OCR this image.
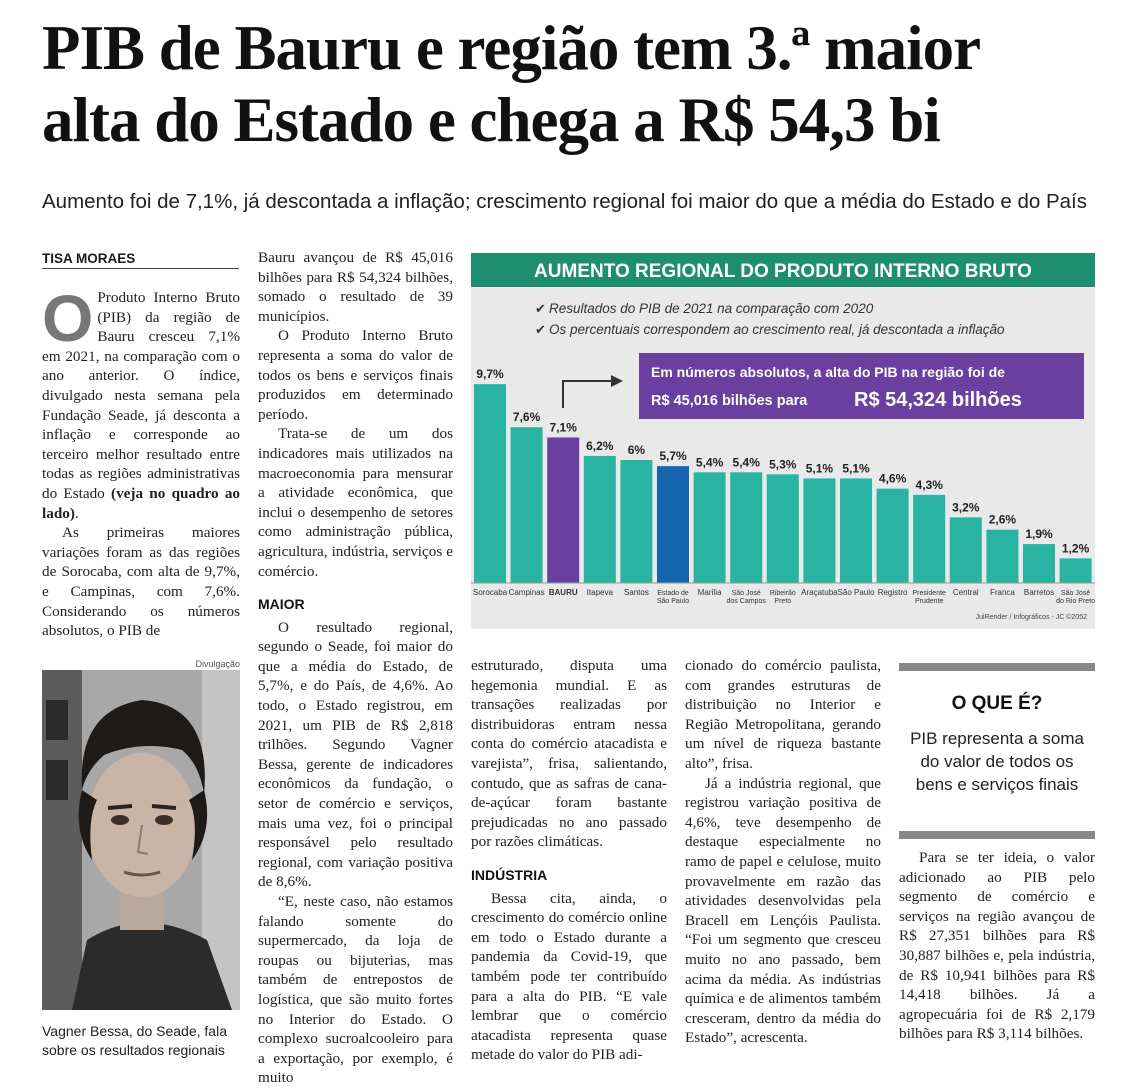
PIB de Bauru e região tem 3.ª maior
alta do Estado e chega a R$ 54,3 bi
Aumento foi de 7,1%, já descontada a inflação; crescimento regional foi maior do que a média do Estado e do País
TISA MORAES

O Produto Interno Bruto (PIB) da região de Bauru cresceu 7,1% em 2021, na comparação com o ano anterior. O índice, divulgado nesta semana pela Fundação Seade, já desconta a inflação e corresponde ao terceiro melhor resultado entre todas as regiões administrativas do Estado (veja no quadro ao lado).

As primeiras maiores variações foram as das regiões de Sorocaba, com alta de 9,7%, e Campinas, com 7,6%. Considerando os números absolutos, o PIB de

Divulgação
Vagner Bessa, do Seade, fala sobre os resultados regionais

Bauru avançou de R$ 45,016 bilhões para R$ 54,324 bilhões, somado o resultado de 39 municípios.

O Produto Interno Bruto representa a soma do valor de todos os bens e serviços finais produzidos em determinado período.

Trata-se de um dos indicadores mais utilizados na macroeconomia para mensurar a atividade econômica, que inclui o desempenho de setores como administração pública, agricultura, indústria, serviços e comércio.

MAIOR

O resultado regional, segundo o Seade, foi maior do que a média do Estado, de 5,7%, e do País, de 4,6%. Ao todo, o Estado registrou, em 2021, um PIB de R$ 2,818 trilhões. Segundo Vagner Bessa, gerente de indicadores econômicos da fundação, o setor de comércio e serviços, mais uma vez, foi o principal responsável pelo resultado regional, com variação positiva de 8,6%.

“E, neste caso, não estamos falando somente do supermercado, da loja de roupas ou bijuterias, mas também de entrepostos de logística, que são muito fortes no Interior do Estado. O complexo sucroalcooleiro para a exportação, por exemplo, é muito

estruturado, disputa uma hegemonia mundial. E as transações realizadas por distribuidoras entram nessa conta do comércio atacadista e varejista”, frisa, salientando, contudo, que as safras de cana-de-açúcar foram bastante prejudicadas no ano passado por razões climáticas.

INDÚSTRIA

Bessa cita, ainda, o crescimento do comércio online em todo o Estado durante a pandemia da Covid-19, que também pode ter contribuído para a alta do PIB. “E vale lembrar que o comércio atacadista representa quase metade do valor do PIB adi-

cionado do comércio paulista, com grandes estruturas de distribuição no Interior e Região Metropolitana, gerando um nível de riqueza bastante alto”, frisa.

Já a indústria regional, que registrou variação positiva de 4,6%, teve desempenho de destaque especialmente no ramo de papel e celulose, muito provavelmente em razão das atividades desenvolvidas pela Bracell em Lençóis Paulista. “Foi um segmento que cresceu muito no ano passado, bem acima da média. As indústrias química e de alimentos também cresceram, dentro da média do Estado”, acrescenta.

O QUE É?
PIB representa a soma do valor de todos os bens e serviços finais

Para se ter ideia, o valor adicionado ao PIB pelo segmento de comércio e serviços na região avançou de R$ 27,351 bilhões para R$ 30,887 bilhões e, pela indústria, de R$ 10,941 bilhões para R$ 14,418 bilhões. Já a agropecuária foi de R$ 2,179 bilhões para R$ 3,114 bilhões.

AUMENTO REGIONAL DO PRODUTO INTERNO BRUTO
✔ Resultados do PIB de 2021 na comparação com 2020
✔ Os percentuais correspondem ao crescimento real, já descontada a inflação
Em números absolutos, a alta do PIB na região foi de
R$ 45,016 bilhões para R$ 54,324 bilhões
9,7%
Sorocaba
7,6%
Campinas
7,1%
BAURU
6,2%
Itapeva
6%
Santos
5,7%
Estado de
São Paulo
5,4%
Marília
5,4%
São José
dos Campos
5,3%
Ribeirão
Preto
5,1%
Araçatuba
5,1%
São Paulo
4,6%
Registro
4,3%
Presidente
Prudente
3,2%
Central
2,6%
Franca
1,9%
Barretos
1,2%
São José
do Rio Preto
JulRender / Infográficos - JC ©2052
